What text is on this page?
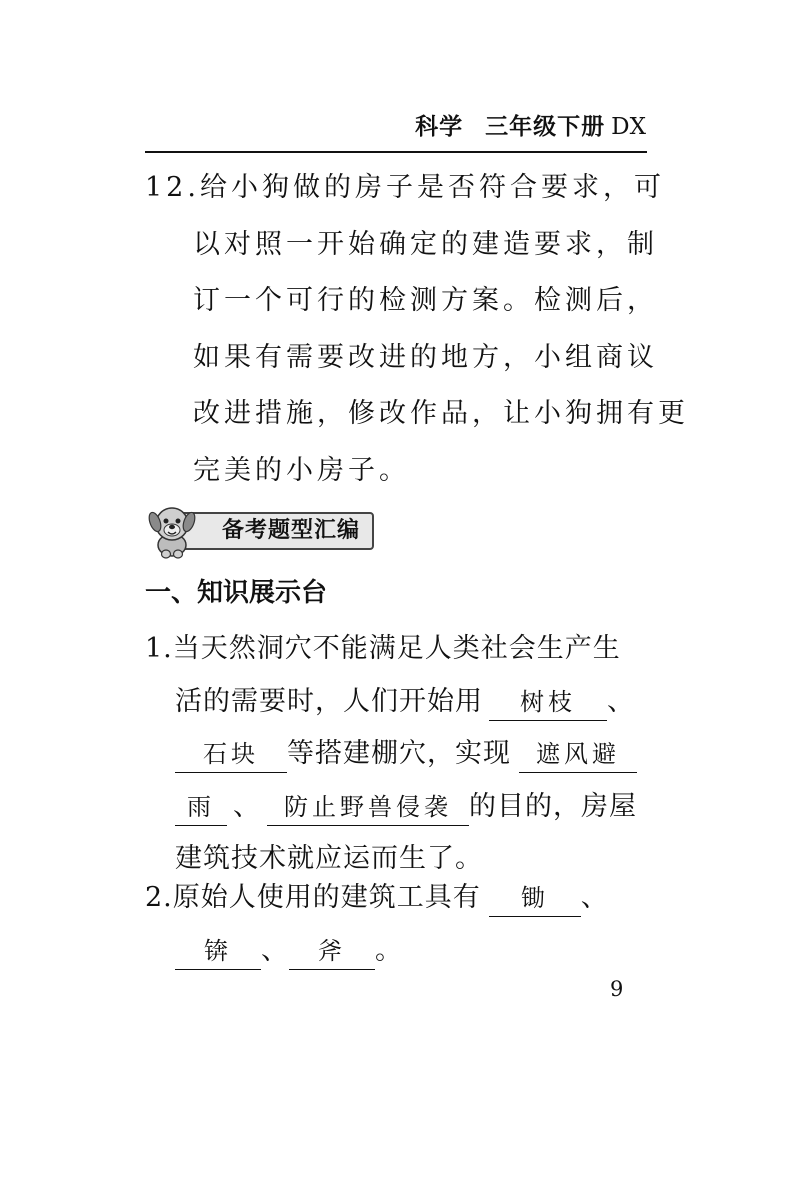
科学 三年级下册 DX
12.给小狗做的房子是否符合要求，可
以对照一开始确定的建造要求，制
订一个可行的检测方案。检测后，
如果有需要改进的地方，小组商议
改进措施，修改作品，让小狗拥有更
完美的小房子。
备考题型汇编
一、知识展示台
1.当天然洞穴不能满足人类社会生产生
活的需要时，人们开始用 树枝 、
石块 等搭建棚穴，实现 遮风避
雨 、 防止野兽侵袭 的目的，房屋
建筑技术就应运而生了。
2.原始人使用的建筑工具有 锄 、
锛 、 斧 。
9
